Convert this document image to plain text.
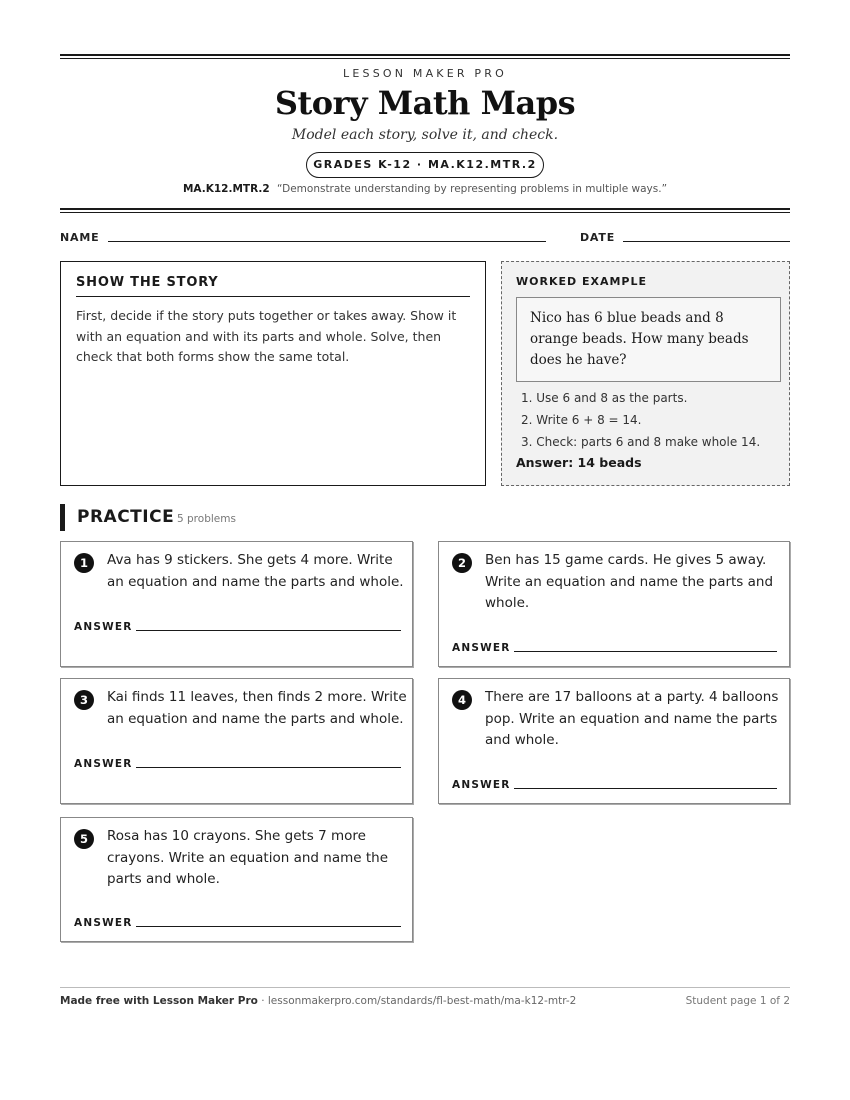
LESSON MAKER PRO
Story Math Maps
Model each story, solve it, and check.
GRADES K-12 · MA.K12.MTR.2
MA.K12.MTR.2 “Demonstrate understanding by representing problems in multiple ways.”
NAME	DATE
SHOW THE STORY

First, decide if the story puts together or takes away. Show it with an equation and with its parts and whole. Solve, then check that both forms show the same total.

WORKED EXAMPLE
Nico has 6 blue beads and 8 orange beads. How many beads does he have?
1. Use 6 and 8 as the parts.
2. Write 6 + 8 = 14.
3. Check: parts 6 and 8 make whole 14.
Answer: 14 beads
PRACTICE 5 problems
1	Ava has 9 stickers. She gets 4 more. Write
an equation and name the parts and whole.
ANSWER
2	Ben has 15 game cards. He gives 5 away.
Write an equation and name the parts and
whole.
ANSWER
3	Kai finds 11 leaves, then finds 2 more. Write
an equation and name the parts and whole.
ANSWER
4	There are 17 balloons at a party. 4 balloons
pop. Write an equation and name the parts
and whole.
ANSWER
5	Rosa has 10 crayons. She gets 7 more
crayons. Write an equation and name the
parts and whole.
ANSWER
Made free with Lesson Maker Pro · lessonmakerpro.com/standards/fl-best-math/ma-k12-mtr-2	Student page 1 of 2
